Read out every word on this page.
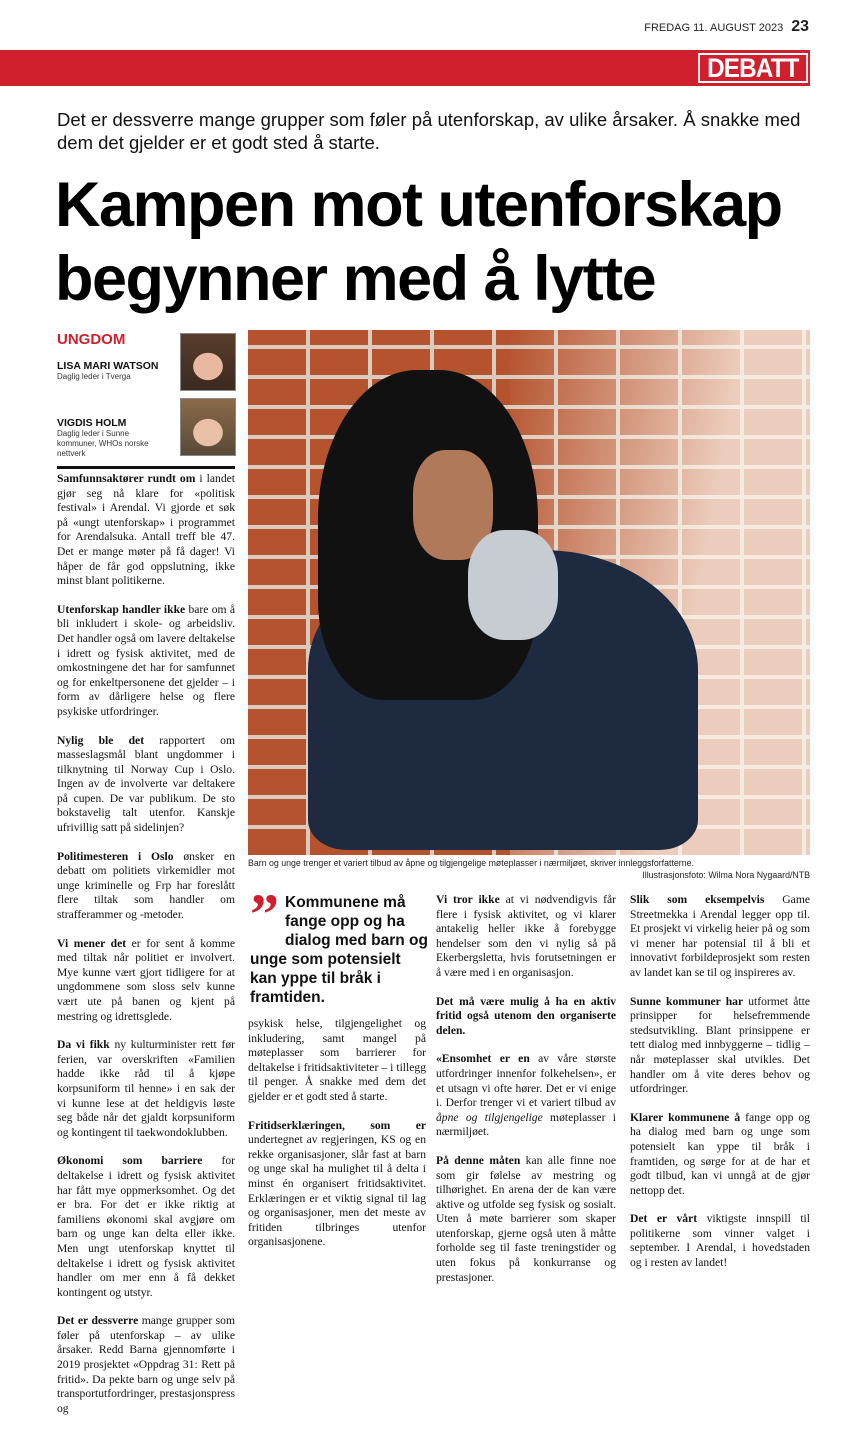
FREDAG 11. AUGUST 2023 23
DEBATT
Det er dessverre mange grupper som føler på utenforskap, av ulike årsaker. Å snakke med dem det gjelder er et godt sted å starte.
Kampen mot utenforskap begynner med å lytte
UNGDOM
LISA MARI WATSON
Daglig leder i Tverga
VIGDIS HOLM
Daglig leder i Sunne kommuner, WHOs norske nettverk

Samfunnsaktører rundt om i landet gjør seg nå klare for «politisk festival» i Arendal. Vi gjorde et søk på «ungt utenforskap» i programmet for Arendalsuka. Antall treff ble 47. Det er mange møter på få dager! Vi håper de får god oppslutning, ikke minst blant politikerne.

Utenforskap handler ikke bare om å bli inkludert i skole- og arbeidsliv. Det handler også om lavere deltakelse i idrett og fysisk aktivitet, med de omkostningene det har for samfunnet og for enkeltpersonene det gjelder – i form av dårligere helse og flere psykiske utfordringer.

Nylig ble det rapportert om masseslagsmål blant ungdommer i tilknytning til Norway Cup i Oslo. Ingen av de involverte var deltakere på cupen. De var publikum. De sto bokstavelig talt utenfor. Kanskje ufrivillig satt på sidelinjen?

Politimesteren i Oslo ønsker en debatt om politiets virkemidler mot unge kriminelle og Frp har foreslått flere tiltak som handler om strafferammer og -metoder.

Vi mener det er for sent å komme med tiltak når politiet er involvert. Mye kunne vært gjort tidligere for at ungdommene som sloss selv kunne vært ute på banen og kjent på mestring og idrettsglede.

Da vi fikk ny kulturminister rett før ferien, var overskriften «Familien hadde ikke råd til å kjøpe korpsuniform til henne» i en sak der vi kunne lese at det heldigvis løste seg både når det gjaldt korpsuniform og kontingent til taekwondoklubben.

Økonomi som barriere for deltakelse i idrett og fysisk aktivitet har fått mye oppmerksomhet. Og det er bra. For det er ikke riktig at familiens økonomi skal avgjøre om barn og unge kan delta eller ikke. Men ungt utenforskap knyttet til deltakelse i idrett og fysisk aktivitet handler om mer enn å få dekket kontingent og utstyr.

Det er dessverre mange grupper som føler på utenforskap – av ulike årsaker. Redd Barna gjennomførte i 2019 prosjektet «Oppdrag 31: Rett på fritid». Da pekte barn og unge selv på transportutfordringer, prestasjonspress og

Barn og unge trenger et variert tilbud av åpne og tilgjengelige møteplasser i nærmiljøet, skriver innleggsforfatterne.
Illustrasjonsfoto: Wilma Nora Nygaard/NTB
” Kommunene må fange opp og ha dialog med barn og unge som potensielt kan yppe til bråk i framtiden.

psykisk helse, tilgjengelighet og inkludering, samt mangel på møteplasser som barrierer for deltakelse i fritidsaktiviteter – i tillegg til penger. Å snakke med dem det gjelder er et godt sted å starte.

Fritidserklæringen, som er undertegnet av regjeringen, KS og en rekke organisasjoner, slår fast at barn og unge skal ha mulighet til å delta i minst én organisert fritidsaktivitet. Erklæringen er et viktig signal til lag og organisasjoner, men det meste av fritiden tilbringes utenfor organisasjonene.

Vi tror ikke at vi nødvendigvis får flere i fysisk aktivitet, og vi klarer antakelig heller ikke å forebygge hendelser som den vi nylig så på Ekerbergsletta, hvis forutsetningen er å være med i en organisasjon.

Det må være mulig å ha en aktiv fritid også utenom den organiserte delen.

«Ensomhet er en av våre største utfordringer innenfor folkehelsen», er et utsagn vi ofte hører. Det er vi enige i. Derfor trenger vi et variert tilbud av åpne og tilgjengelige møteplasser i nærmiljøet.

På denne måten kan alle finne noe som gir følelse av mestring og tilhørighet. En arena der de kan være aktive og utfolde seg fysisk og sosialt. Uten å møte barrierer som skaper utenforskap, gjerne også uten å måtte forholde seg til faste treningstider og uten fokus på konkurranse og prestasjoner.

Slik som eksempelvis Game Streetmekka i Arendal legger opp til. Et prosjekt vi virkelig heier på og som vi mener har potensial til å bli et innovativt forbildeprosjekt som resten av landet kan se til og inspireres av.

Sunne kommuner har utformet åtte prinsipper for helsefremmende stedsutvikling. Blant prinsippene er tett dialog med innbyggerne – tidlig – når møteplasser skal utvikles. Det handler om å vite deres behov og utfordringer.

Klarer kommunene å fange opp og ha dialog med barn og unge som potensielt kan yppe til bråk i framtiden, og sørge for at de har et godt tilbud, kan vi unngå at de gjør nettopp det.

Det er vårt viktigste innspill til politikerne som vinner valget i september. I Arendal, i hovedstaden og i resten av landet!
